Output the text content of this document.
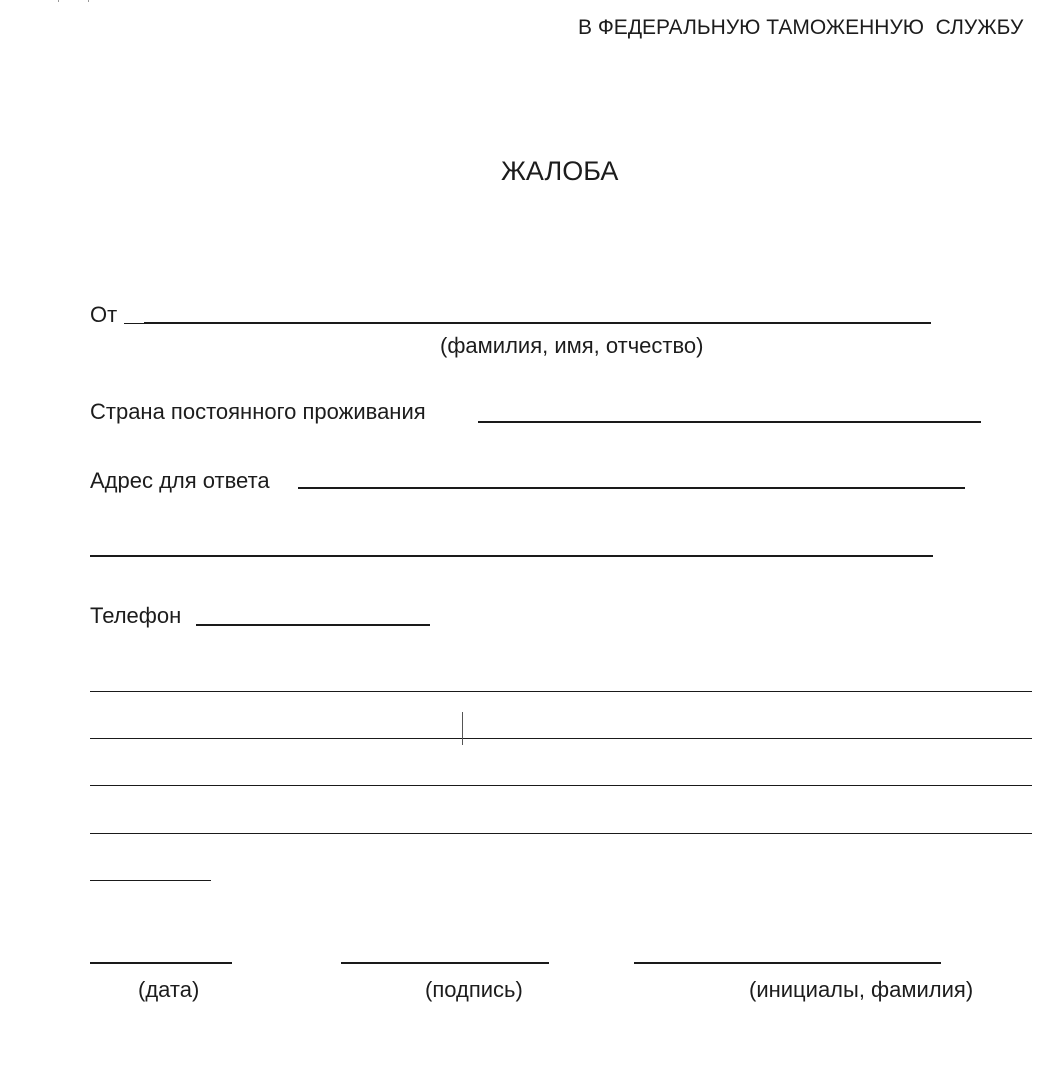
В ФЕДЕРАЛЬНУЮ ТАМОЖЕННУЮ  СЛУЖБУ
ЖАЛОБА
От
(фамилия, имя, отчество)
Страна постоянного проживания
Адрес для ответа
Телефон
(дата)	(подпись)	(инициалы, фамилия)
